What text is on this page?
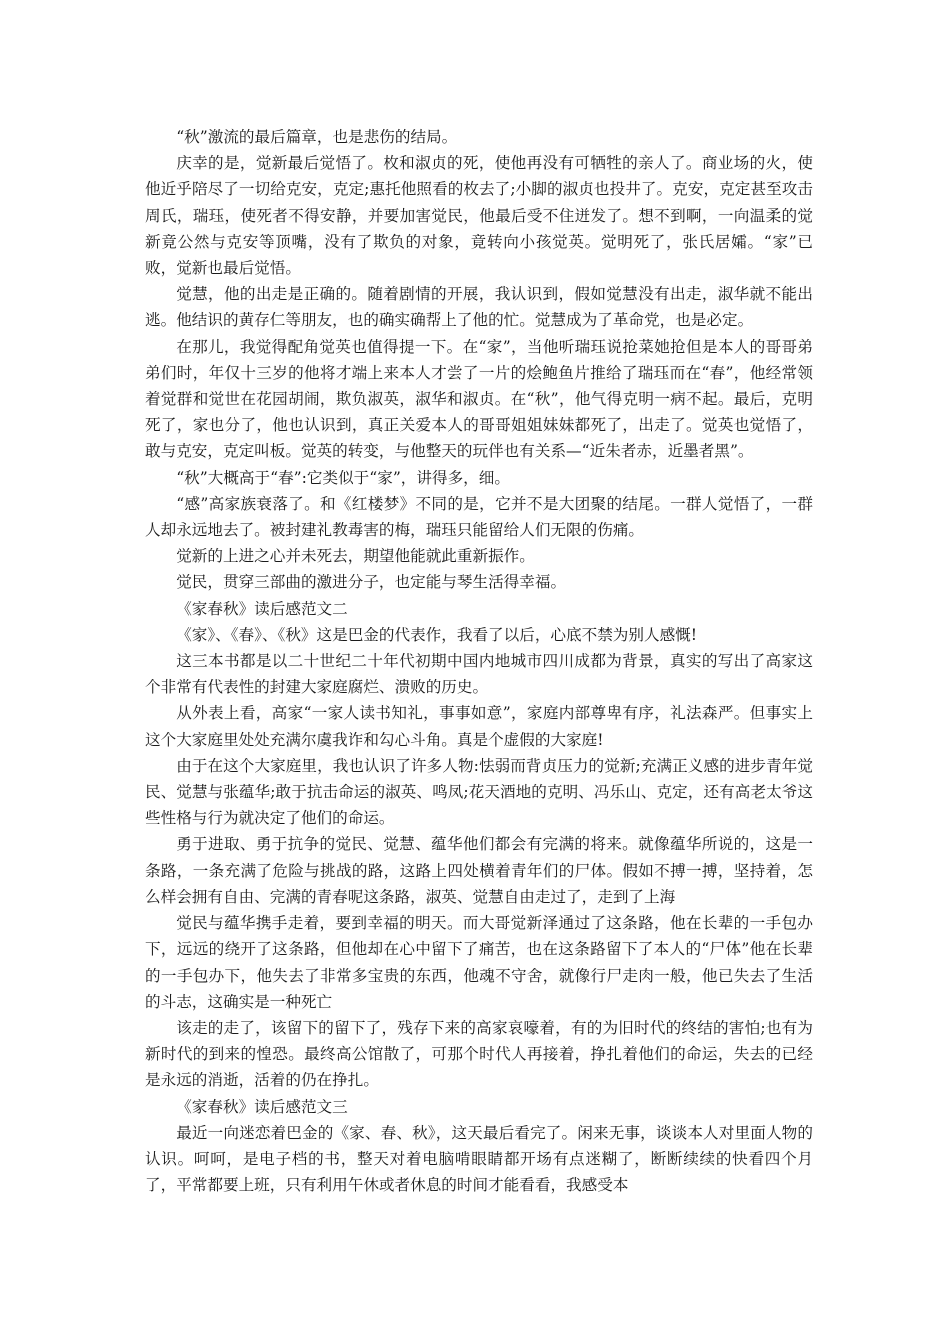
“秋”激流的最后篇章，也是悲伤的结局。

庆幸的是，觉新最后觉悟了。枚和淑贞的死，使他再没有可牺牲的亲人了。商业场的火，使他近乎陪尽了一切给克安，克定;惠托他照看的枚去了;小脚的淑贞也投井了。克安，克定甚至攻击周氏，瑞珏，使死者不得安静，并要加害觉民，他最后受不住迸发了。想不到啊，一向温柔的觉新竟公然与克安等顶嘴，没有了欺负的对象，竟转向小孩觉英。觉明死了，张氏居孀。“家”已败，觉新也最后觉悟。

觉慧，他的出走是正确的。随着剧情的开展，我认识到，假如觉慧没有出走，淑华就不能出逃。他结识的黄存仁等朋友，也的确实确帮上了他的忙。觉慧成为了革命党，也是必定。

在那儿，我觉得配角觉英也值得提一下。在“家”，当他听瑞珏说抢菜她抢但是本人的哥哥弟弟们时，年仅十三岁的他将才端上来本人才尝了一片的烩鲍鱼片推给了瑞珏而在“春”，他经常领着觉群和觉世在花园胡闹，欺负淑英，淑华和淑贞。在“秋”，他气得克明一病不起。最后，克明死了，家也分了，他也认识到，真正关爱本人的哥哥姐姐妹妹都死了，出走了。觉英也觉悟了，敢与克安，克定叫板。觉英的转变，与他整天的玩伴也有关系—“近朱者赤，近墨者黑”。

“秋”大概高于“春”:它类似于“家”，讲得多，细。

“感”高家族衰落了。和《红楼梦》不同的是，它并不是大团聚的结尾。一群人觉悟了，一群人却永远地去了。被封建礼教毒害的梅，瑞珏只能留给人们无限的伤痛。

觉新的上进之心并未死去，期望他能就此重新振作。

觉民，贯穿三部曲的激进分子，也定能与琴生活得幸福。

《家春秋》读后感范文二

《家》、《春》、《秋》这是巴金的代表作，我看了以后，心底不禁为别人感慨!

这三本书都是以二十世纪二十年代初期中国内地城市四川成都为背景，真实的写出了高家这个非常有代表性的封建大家庭腐烂、溃败的历史。

从外表上看，高家“一家人读书知礼，事事如意”，家庭内部尊卑有序，礼法森严。但事实上这个大家庭里处处充满尔虞我诈和勾心斗角。真是个虚假的大家庭!

由于在这个大家庭里，我也认识了许多人物:怯弱而背贞压力的觉新;充满正义感的进步青年觉民、觉慧与张蕴华;敢于抗击命运的淑英、鸣凤;花天酒地的克明、冯乐山、克定，还有高老太爷这些性格与行为就决定了他们的命运。

勇于进取、勇于抗争的觉民、觉慧、蕴华他们都会有完满的将来。就像蕴华所说的，这是一条路，一条充满了危险与挑战的路，这路上四处横着青年们的尸体。假如不搏一搏，坚持着，怎么样会拥有自由、完满的青春呢这条路，淑英、觉慧自由走过了，走到了上海

觉民与蕴华携手走着，要到幸福的明天。而大哥觉新泽通过了这条路，他在长辈的一手包办下，远远的绕开了这条路，但他却在心中留下了痛苦，也在这条路留下了本人的“尸体”他在长辈的一手包办下，他失去了非常多宝贵的东西，他魂不守舍，就像行尸走肉一般，他已失去了生活的斗志，这确实是一种死亡

该走的走了，该留下的留下了，残存下来的高家哀嚎着，有的为旧时代的终结的害怕;也有为新时代的到来的惶恐。最终高公馆散了，可那个时代人再接着，挣扎着他们的命运，失去的已经是永远的消逝，活着的仍在挣扎。

《家春秋》读后感范文三

最近一向迷恋着巴金的《家、春、秋》，这天最后看完了。闲来无事，谈谈本人对里面人物的认识。呵呵，是电子档的书，整天对着电脑啃眼睛都开场有点迷糊了，断断续续的快看四个月了，平常都要上班，只有利用午休或者休息的时间才能看看，我感受本
